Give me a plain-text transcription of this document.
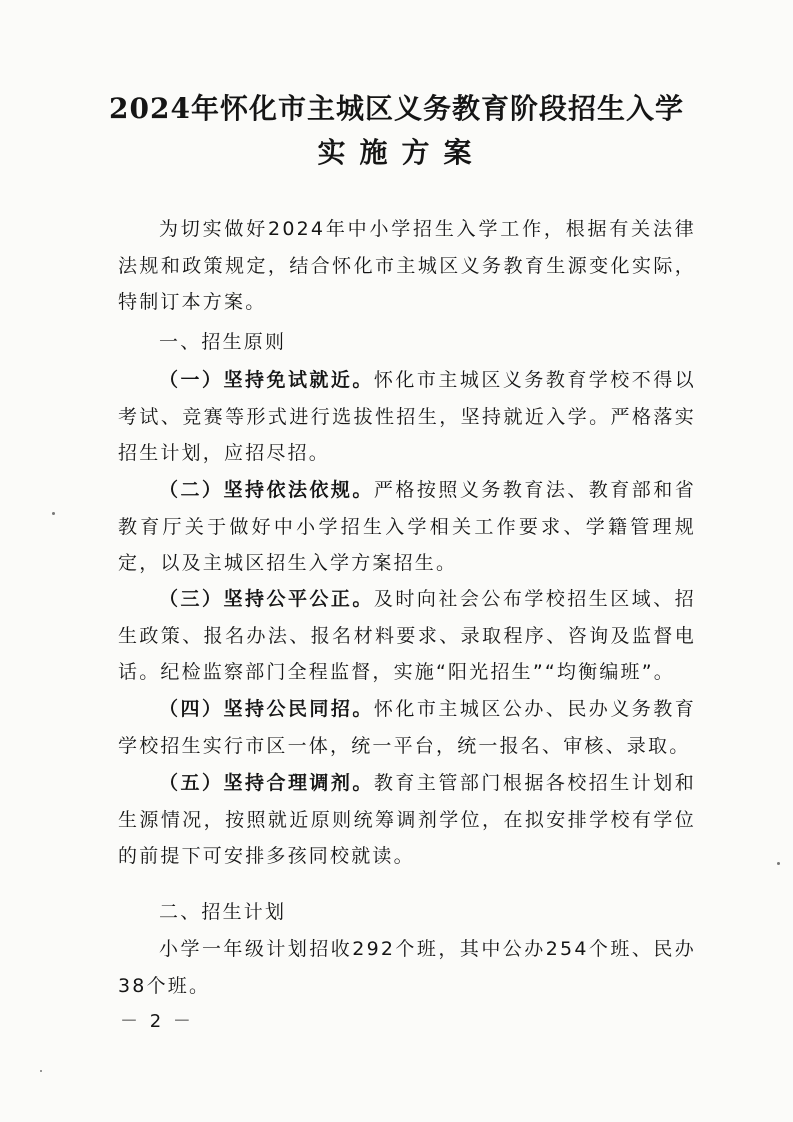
2024年怀化市主城区义务教育阶段招生入学
实施方案

为切实做好2024年中小学招生入学工作，根据有关法律法规和政策规定，结合怀化市主城区义务教育生源变化实际，特制订本方案。

一、招生原则

（一）坚持免试就近。怀化市主城区义务教育学校不得以考试、竞赛等形式进行选拔性招生，坚持就近入学。严格落实招生计划，应招尽招。

（二）坚持依法依规。严格按照义务教育法、教育部和省教育厅关于做好中小学招生入学相关工作要求、学籍管理规定，以及主城区招生入学方案招生。

（三）坚持公平公正。及时向社会公布学校招生区域、招生政策、报名办法、报名材料要求、录取程序、咨询及监督电话。纪检监察部门全程监督，实施“阳光招生”“均衡编班”。

（四）坚持公民同招。怀化市主城区公办、民办义务教育学校招生实行市区一体，统一平台，统一报名、审核、录取。

（五）坚持合理调剂。教育主管部门根据各校招生计划和生源情况，按照就近原则统筹调剂学位，在拟安排学校有学位的前提下可安排多孩同校就读。

二、招生计划

小学一年级计划招收292个班，其中公办254个班、民办38个班。

－ 2 －
